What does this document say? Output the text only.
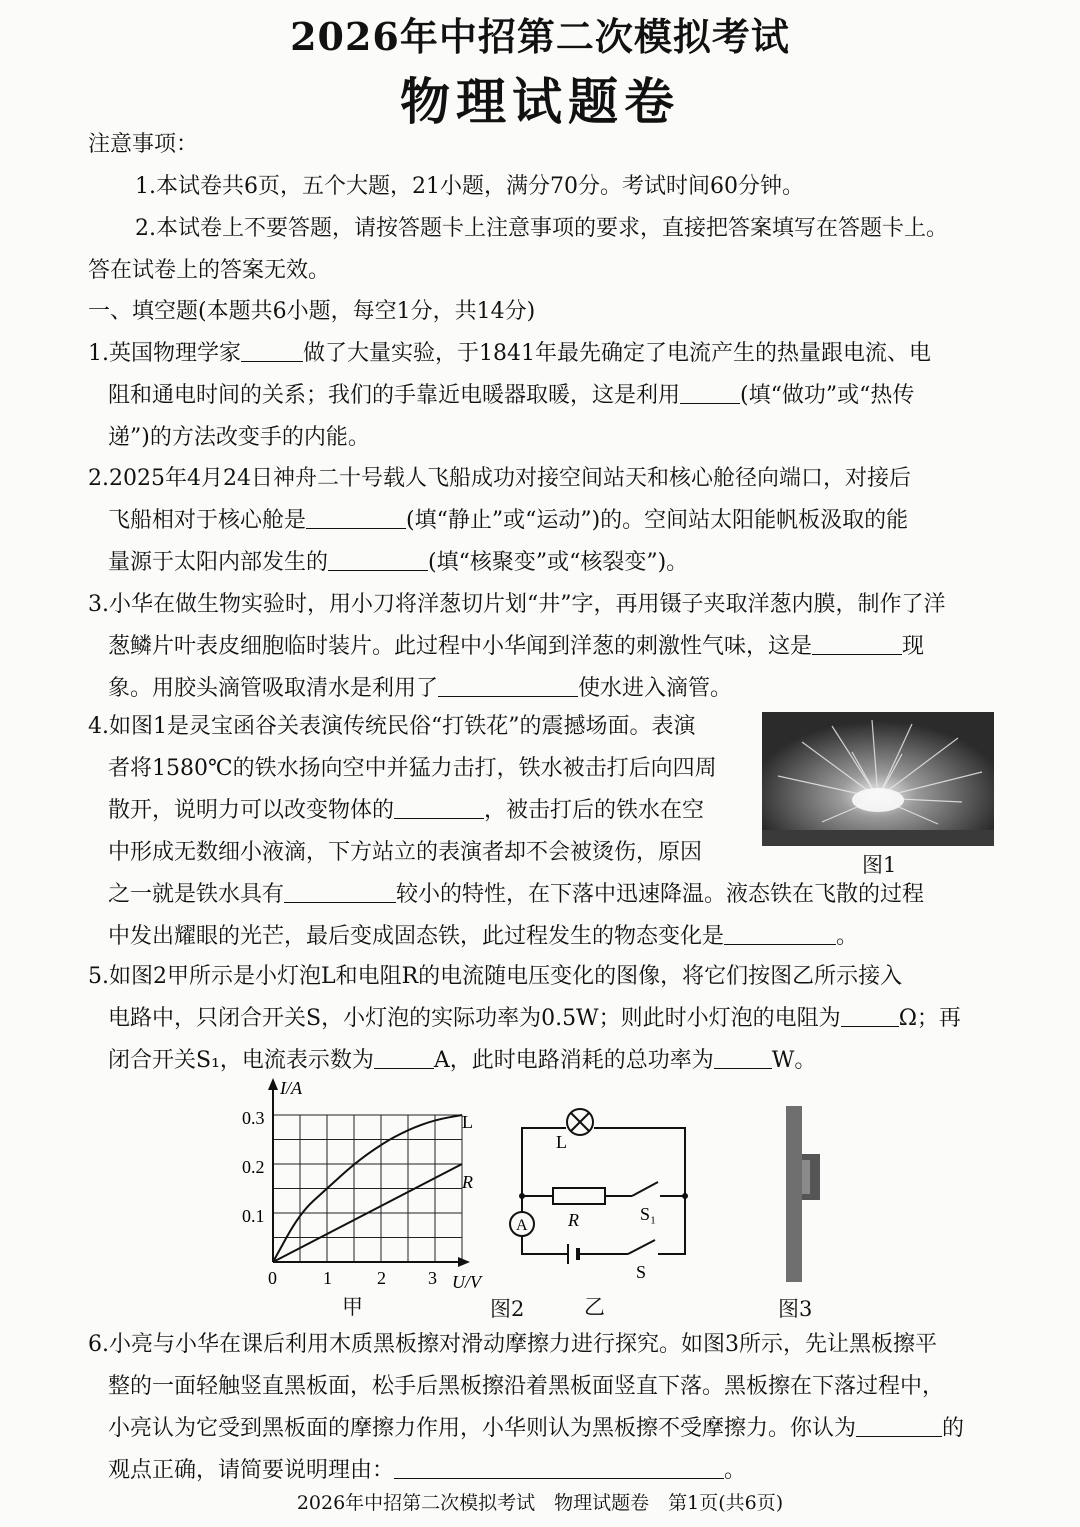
2026年中招第二次模拟考试
物理试题卷
注意事项：
1.本试卷共6页，五个大题，21小题，满分70分。考试时间60分钟。
2.本试卷上不要答题，请按答题卡上注意事项的要求，直接把答案填写在答题卡上。
答在试卷上的答案无效。
一、填空题(本题共6小题，每空1分，共14分)
1.英国物理学家	做了大量实验，于1841年最先确定了电流产生的热量跟电流、电
阻和通电时间的关系；我们的手靠近电暖器取暖，这是利用	(填“做功”或“热传
递”)的方法改变手的内能。
2.2025年4月24日神舟二十号载人飞船成功对接空间站天和核心舱径向端口，对接后
飞船相对于核心舱是	(填“静止”或“运动”)的。空间站太阳能帆板汲取的能
量源于太阳内部发生的	(填“核聚变”或“核裂变”)。
3.小华在做生物实验时，用小刀将洋葱切片划“井”字，再用镊子夹取洋葱内膜，制作了洋
葱鳞片叶表皮细胞临时装片。此过程中小华闻到洋葱的刺激性气味，这是	现
象。用胶头滴管吸取清水是利用了	使水进入滴管。
4.如图1是灵宝函谷关表演传统民俗“打铁花”的震撼场面。表演
者将1580℃的铁水扬向空中并猛力击打，铁水被击打后向四周
散开，说明力可以改变物体的	，被击打后的铁水在空
中形成无数细小液滴，下方站立的表演者却不会被烫伤，原因
之一就是铁水具有	较小的特性，在下落中迅速降温。液态铁在飞散的过程
中发出耀眼的光芒，最后变成固态铁，此过程发生的物态变化是	。
图1
5.如图2甲所示是小灯泡L和电阻R的电流随电压变化的图像，将它们按图乙所示接入
电路中，只闭合开关S，小灯泡的实际功率为0.5W；则此时小灯泡的电阻为	Ω；再
闭合开关S₁，电流表示数为	A，此时电路消耗的总功率为	W。
I/A
U/V
0.3
0.2
0.1
0	1	2 3
L
R
甲	图2
L
R	S₁
A
S
乙	图3
6.小亮与小华在课后利用木质黑板擦对滑动摩擦力进行探究。如图3所示，先让黑板擦平
整的一面轻触竖直黑板面，松手后黑板擦沿着黑板面竖直下落。黑板擦在下落过程中，
小亮认为它受到黑板面的摩擦力作用，小华则认为黑板擦不受摩擦力。你认为	的
观点正确，请简要说明理由：	。
2026年中招第二次模拟考试　物理试题卷　第1页(共6页)
